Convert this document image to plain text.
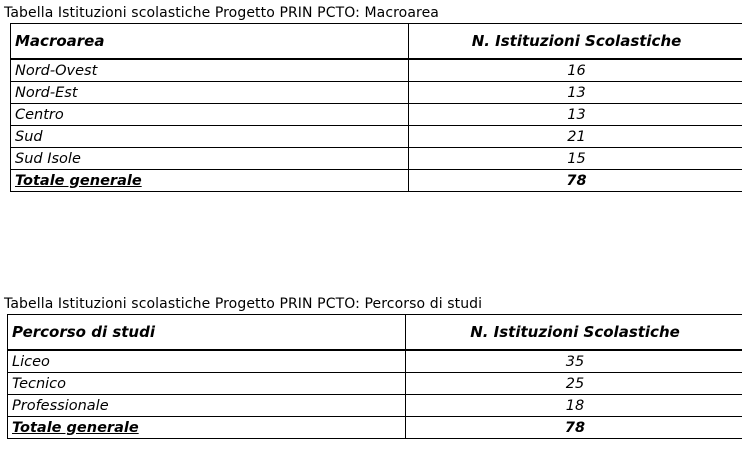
Tabella Istituzioni scolastiche Progetto PRIN PCTO: Macroarea
Macroarea	N. Istituzioni Scolastiche
Nord-Ovest	16
Nord-Est	13
Centro	13
Sud	21
Sud Isole	15
Totale generale	78
Tabella Istituzioni scolastiche Progetto PRIN PCTO: Percorso di studi
Percorso di studi	N. Istituzioni Scolastiche
Liceo	35
Tecnico	25
Professionale	18
Totale generale	78
